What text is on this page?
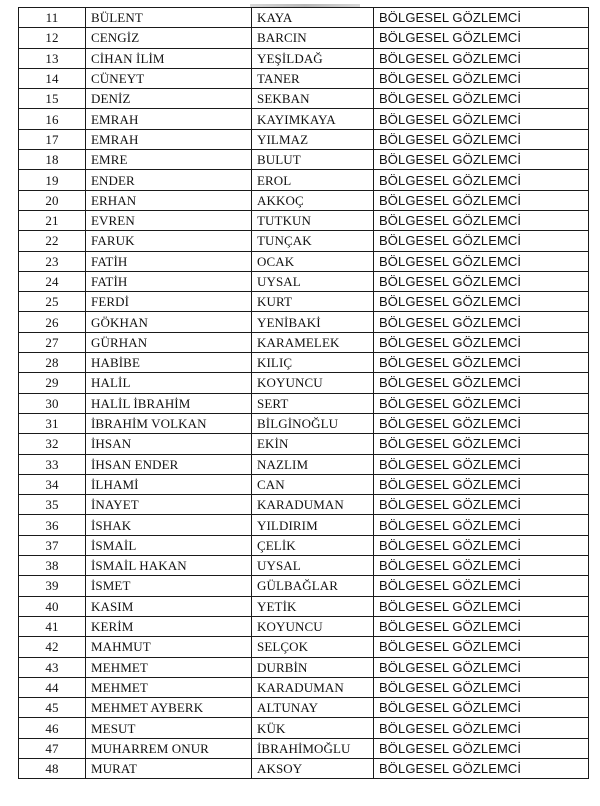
11	BÜLENT	KAYA	BÖLGESEL GÖZLEMCİ
12	CENGİZ	BARCIN	BÖLGESEL GÖZLEMCİ
13	CİHAN İLİM	YEŞİLDAĞ	BÖLGESEL GÖZLEMCİ
14	CÜNEYT	TANER	BÖLGESEL GÖZLEMCİ
15	DENİZ	SEKBAN	BÖLGESEL GÖZLEMCİ
16	EMRAH	KAYIMKAYA	BÖLGESEL GÖZLEMCİ
17	EMRAH	YILMAZ	BÖLGESEL GÖZLEMCİ
18	EMRE	BULUT	BÖLGESEL GÖZLEMCİ
19	ENDER	EROL	BÖLGESEL GÖZLEMCİ
20	ERHAN	AKKOÇ	BÖLGESEL GÖZLEMCİ
21	EVREN	TUTKUN	BÖLGESEL GÖZLEMCİ
22	FARUK	TUNÇAK	BÖLGESEL GÖZLEMCİ
23	FATİH	OCAK	BÖLGESEL GÖZLEMCİ
24	FATİH	UYSAL	BÖLGESEL GÖZLEMCİ
25	FERDİ	KURT	BÖLGESEL GÖZLEMCİ
26	GÖKHAN	YENİBAKİ	BÖLGESEL GÖZLEMCİ
27	GÜRHAN	KARAMELEK	BÖLGESEL GÖZLEMCİ
28	HABİBE	KILIÇ	BÖLGESEL GÖZLEMCİ
29	HALİL	KOYUNCU	BÖLGESEL GÖZLEMCİ
30	HALİL İBRAHİM	SERT	BÖLGESEL GÖZLEMCİ
31	İBRAHİM VOLKAN	BİLGİNOĞLU	BÖLGESEL GÖZLEMCİ
32	İHSAN	EKİN	BÖLGESEL GÖZLEMCİ
33	İHSAN ENDER	NAZLIM	BÖLGESEL GÖZLEMCİ
34	İLHAMİ	CAN	BÖLGESEL GÖZLEMCİ
35	İNAYET	KARADUMAN	BÖLGESEL GÖZLEMCİ
36	İSHAK	YILDIRIM	BÖLGESEL GÖZLEMCİ
37	İSMAİL	ÇELİK	BÖLGESEL GÖZLEMCİ
38	İSMAİL HAKAN	UYSAL	BÖLGESEL GÖZLEMCİ
39	İSMET	GÜLBAĞLAR	BÖLGESEL GÖZLEMCİ
40	KASIM	YETİK	BÖLGESEL GÖZLEMCİ
41	KERİM	KOYUNCU	BÖLGESEL GÖZLEMCİ
42	MAHMUT	SELÇOK	BÖLGESEL GÖZLEMCİ
43	MEHMET	DURBİN	BÖLGESEL GÖZLEMCİ
44	MEHMET	KARADUMAN	BÖLGESEL GÖZLEMCİ
45	MEHMET AYBERK	ALTUNAY	BÖLGESEL GÖZLEMCİ
46	MESUT	KÜK	BÖLGESEL GÖZLEMCİ
47	MUHARREM ONUR	İBRAHİMOĞLU	BÖLGESEL GÖZLEMCİ
48	MURAT	AKSOY	BÖLGESEL GÖZLEMCİ
